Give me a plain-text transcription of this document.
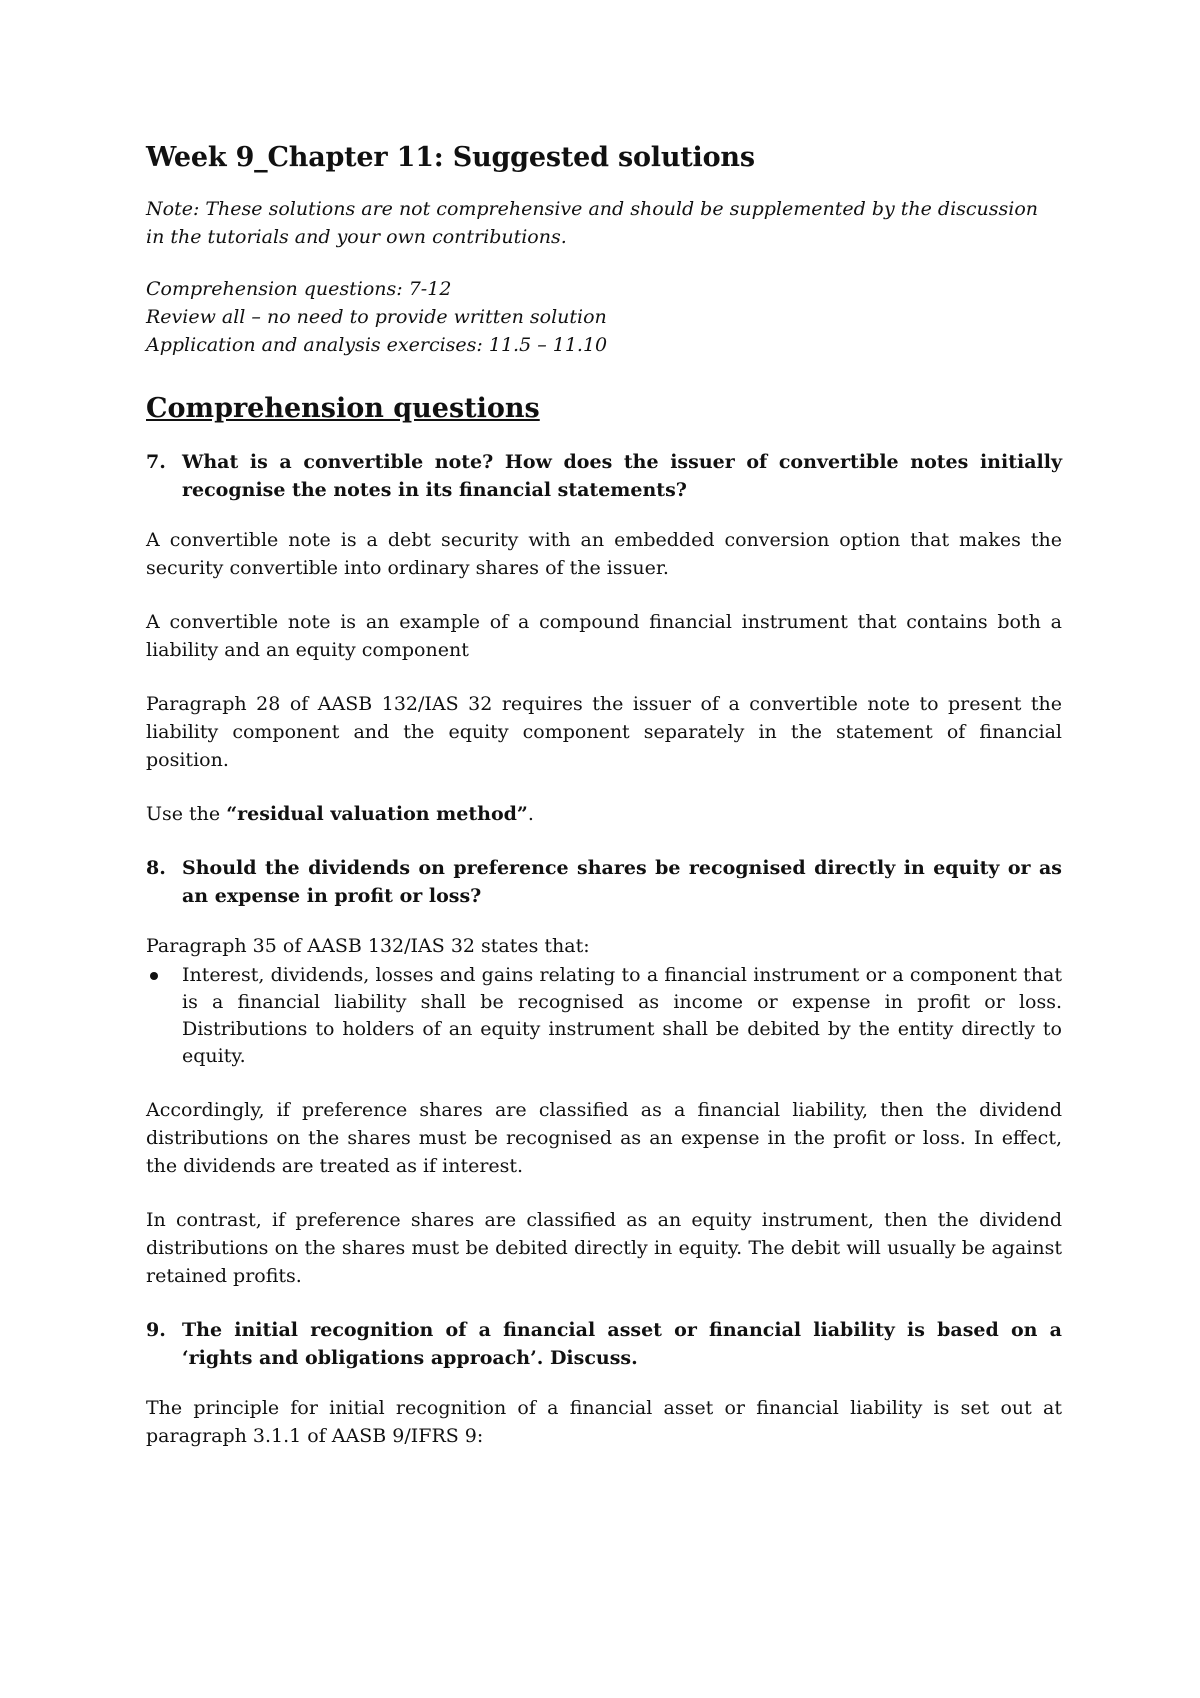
Week 9_Chapter 11: Suggested solutions

Note: These solutions are not comprehensive and should be supplemented by the discussion in the tutorials and your own contributions.

Comprehension questions: 7-12

Review all – no need to provide written solution

Application and analysis exercises: 11.5 – 11.10

Comprehension questions
7. What is a convertible note? How does the issuer of convertible notes initially recognise the notes in its financial statements?

A convertible note is a debt security with an embedded conversion option that makes the security convertible into ordinary shares of the issuer.

A convertible note is an example of a compound financial instrument that contains both a liability and an equity component

Paragraph 28 of AASB 132/IAS 32 requires the issuer of a convertible note to present the liability component and the equity component separately in the statement of financial position.

Use the “residual valuation method”.

8. Should the dividends on preference shares be recognised directly in equity or as an expense in profit or loss?

Paragraph 35 of AASB 132/IAS 32 states that:

Interest, dividends, losses and gains relating to a financial instrument or a component that is a financial liability shall be recognised as income or expense in profit or loss. Distributions to holders of an equity instrument shall be debited by the entity directly to equity.

Accordingly, if preference shares are classified as a financial liability, then the dividend distributions on the shares must be recognised as an expense in the profit or loss. In effect, the dividends are treated as if interest.

In contrast, if preference shares are classified as an equity instrument, then the dividend distributions on the shares must be debited directly in equity. The debit will usually be against retained profits.

9. The initial recognition of a financial asset or financial liability is based on a ‘rights and obligations approach’. Discuss.

The principle for initial recognition of a financial asset or financial liability is set out at paragraph 3.1.1 of AASB 9/IFRS 9:
